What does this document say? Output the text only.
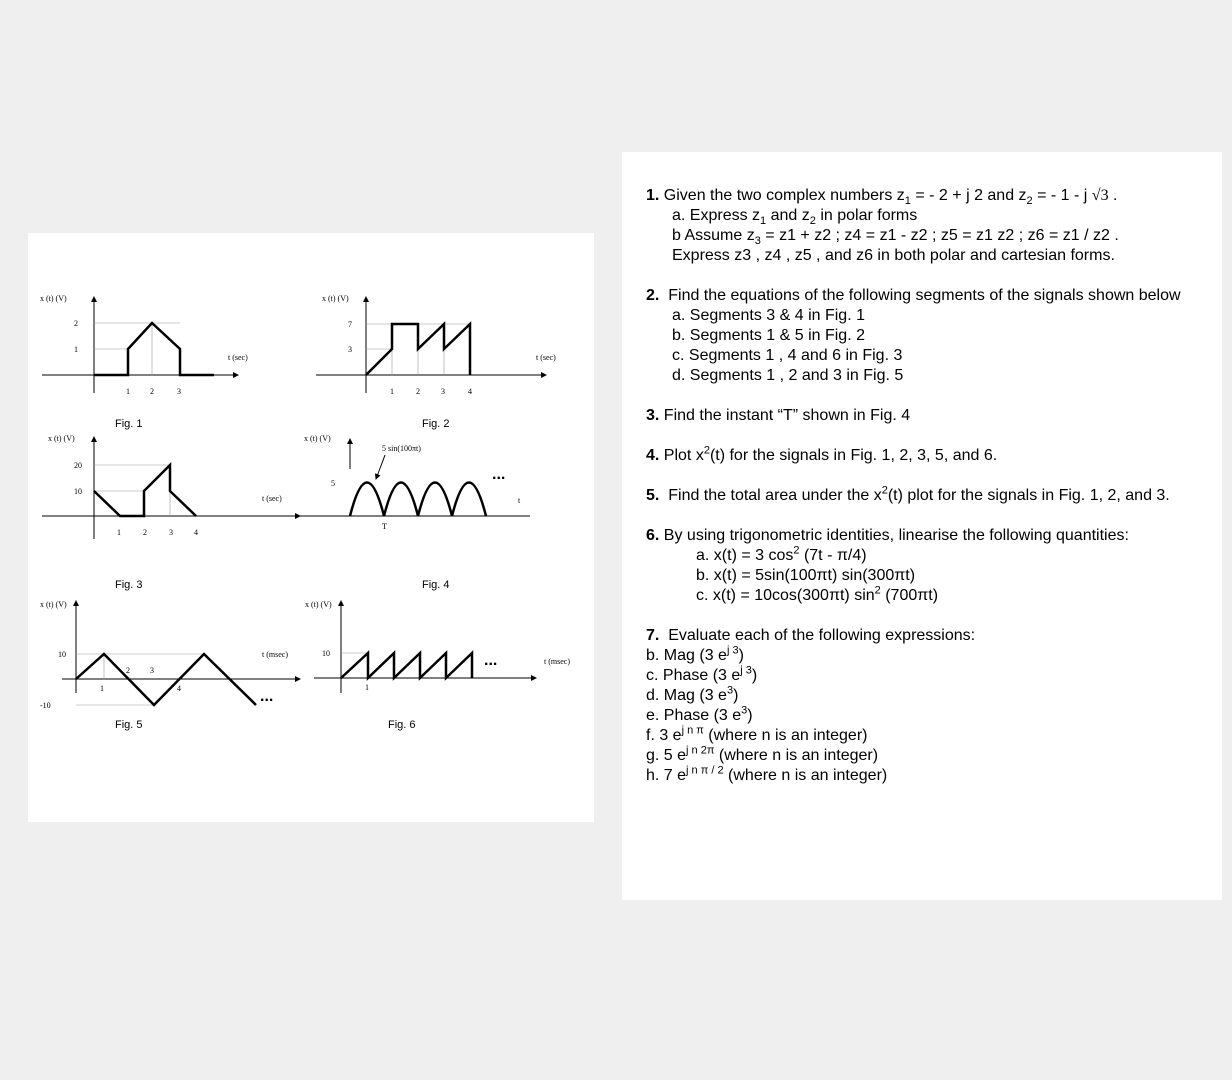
x (t) (V)
2
1
1	2	3
t (sec)
Fig. 1
x (t) (V)
7
3
1	2	3	4
t (sec)
Fig. 2
x (t) (V)
20
10
1	2	3	4
t (sec)
Fig. 3
x (t) (V)
5
5 sin(100πt)
T
t
...
Fig. 4
x (t) (V)
10
-10
1
2	3
4
t (msec)
...
Fig. 5
x (t) (V)
10
1
t (msec)
...
Fig. 6
1. Given the two complex numbers $z_1$ = - 2 + j 2 and $z_2$ = - 1 - j √3 .
a. Express $z_1$ and $z_2$ in polar forms
b Assume $z_3 = z1 + z2$ ; z4 = z1 - z2 ; z5 = z1 z2 ; z6 = z1 / z2 .
Express z3 , z4 , z5 , and z6 in both polar and cartesian forms.
2. Find the equations of the following segments of the signals shown below
a. Segments 3 & 4 in Fig. 1
b. Segments 1 & 5 in Fig. 2
c. Segments 1 , 4 and 6 in Fig. 3
d. Segments 1 , 2 and 3 in Fig. 5
3. Find the instant “T” shown in Fig. 4
4. Plot $x^2(t)$ for the signals in Fig. 1, 2, 3, 5, and 6.
5. Find the total area under the $x^2(t)$ plot for the signals in Fig. 1, 2, and 3.
6. By using trigonometric identities, linearise the following quantities:
a. x(t) = 3 $\cos^2 (7t - \pi/4)$
b. x(t) = 5sin(100πt) sin(300πt)
c. x(t) = 10cos(300πt) $\sin^2 (700\pi t)$
7. Evaluate each of the following expressions:
b. Mag (3 $e^{j 3}$)
c. Phase (3 $e^{j 3}$)
d. Mag (3 $e^3$)
e. Phase (3 $e^3$)
f. 3 $e^{j n \pi}$ (where n is an integer)
g. 5 $e^{j n 2\pi}$ (where n is an integer)
h. 7 $e^{j n \pi / 2}$ (where n is an integer)
